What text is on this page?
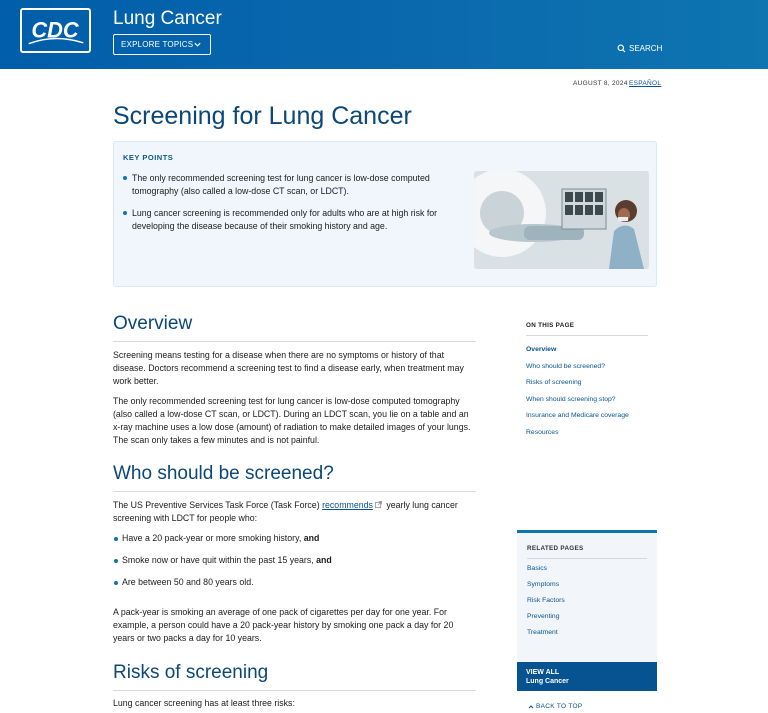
CDC Lung Cancer
EXPLORE TOPICS	SEARCH
AUGUST 8, 2024 ESPAÑOL
Screening for Lung Cancer
KEY POINTS
The only recommended screening test for lung cancer is low-dose computed tomography (also called a low-dose CT scan, or LDCT).
Lung cancer screening is recommended only for adults who are at high risk for developing the disease because of their smoking history and age.
Overview

Screening means testing for a disease when there are no symptoms or history of that disease. Doctors recommend a screening test to find a disease early, when treatment may work better.

The only recommended screening test for lung cancer is low-dose computed tomography (also called a low-dose CT scan, or LDCT). During an LDCT scan, you lie on a table and an x-ray machine uses a low dose (amount) of radiation to make detailed images of your lungs. The scan only takes a few minutes and is not painful.

Who should be screened?

The US Preventive Services Task Force (Task Force) recommends yearly lung cancer screening with LDCT for people who:

Have a 20 pack-year or more smoking history, and
Smoke now or have quit within the past 15 years, and
Are between 50 and 80 years old.

A pack-year is smoking an average of one pack of cigarettes per day for one year. For example, a person could have a 20 pack-year history by smoking one pack a day for 20 years or two packs a day for 10 years.

Risks of screening

Lung cancer screening has at least three risks:

ON THIS PAGE
Overview
Who should be screened?
Risks of screening
When should screening stop?
Insurance and Medicare coverage
Resources
RELATED PAGES
Basics
Symptoms
Risk Factors
Preventing
Treatment
VIEW ALL
Lung Cancer
BACK TO TOP
